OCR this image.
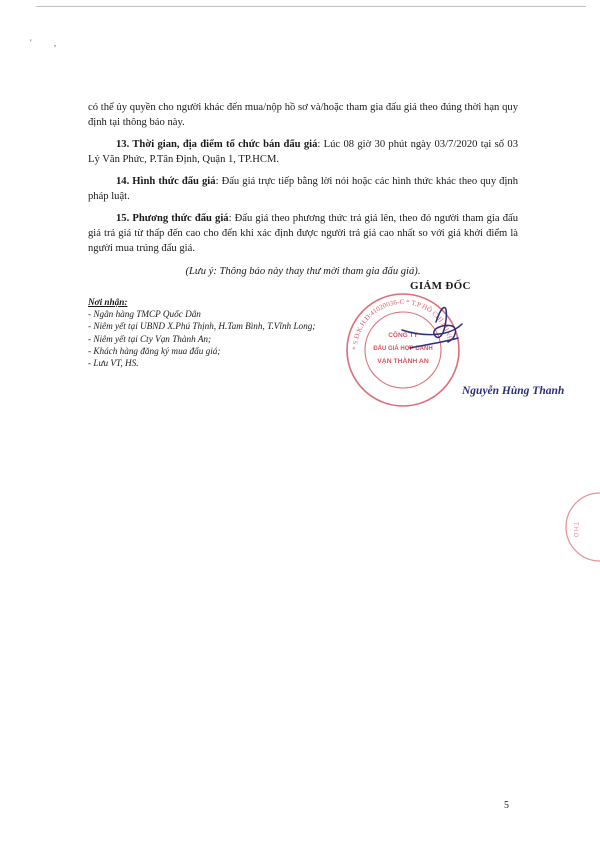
' ,

có thể ủy quyền cho người khác đến mua/nộp hồ sơ và/hoặc tham gia đấu giá theo đúng thời hạn quy định tại thông báo này.

13. Thời gian, địa điểm tổ chức bán đấu giá: Lúc 08 giờ 30 phút ngày 03/7/2020 tại số 03 Lý Văn Phức, P.Tân Định, Quận 1, TP.HCM.

14. Hình thức đấu giá: Đấu giá trực tiếp bằng lời nói hoặc các hình thức khác theo quy định pháp luật.

15. Phương thức đấu giá: Đấu giá theo phương thức trả giá lên, theo đó người tham gia đấu giá trả giá từ thấp đến cao cho đến khi xác định được người trả giá cao nhất so với giá khởi điểm là người mua trúng đấu giá.

(Lưu ý: Thông báo này thay thư mời tham gia đấu giá).

GIÁM ĐỐC
Nơi nhận:
- Ngân hàng TMCP Quốc Dân
- Niêm yết tại UBND X.Phú Thịnh, H.Tam Bình, T.Vĩnh Long;
- Niêm yết tại Cty Vạn Thành An;
- Khách hàng đăng ký mua đấu giá;
- Lưu VT, HS.
* S.Đ.K.H.Đ:41020036-C * T.P HỒ CHÍ MINH
CÔNG TY
ĐẤU GIÁ HỢP DANH
VẠN THÀNH AN
Nguyễn Hùng Thanh
T.H.Ô
5
